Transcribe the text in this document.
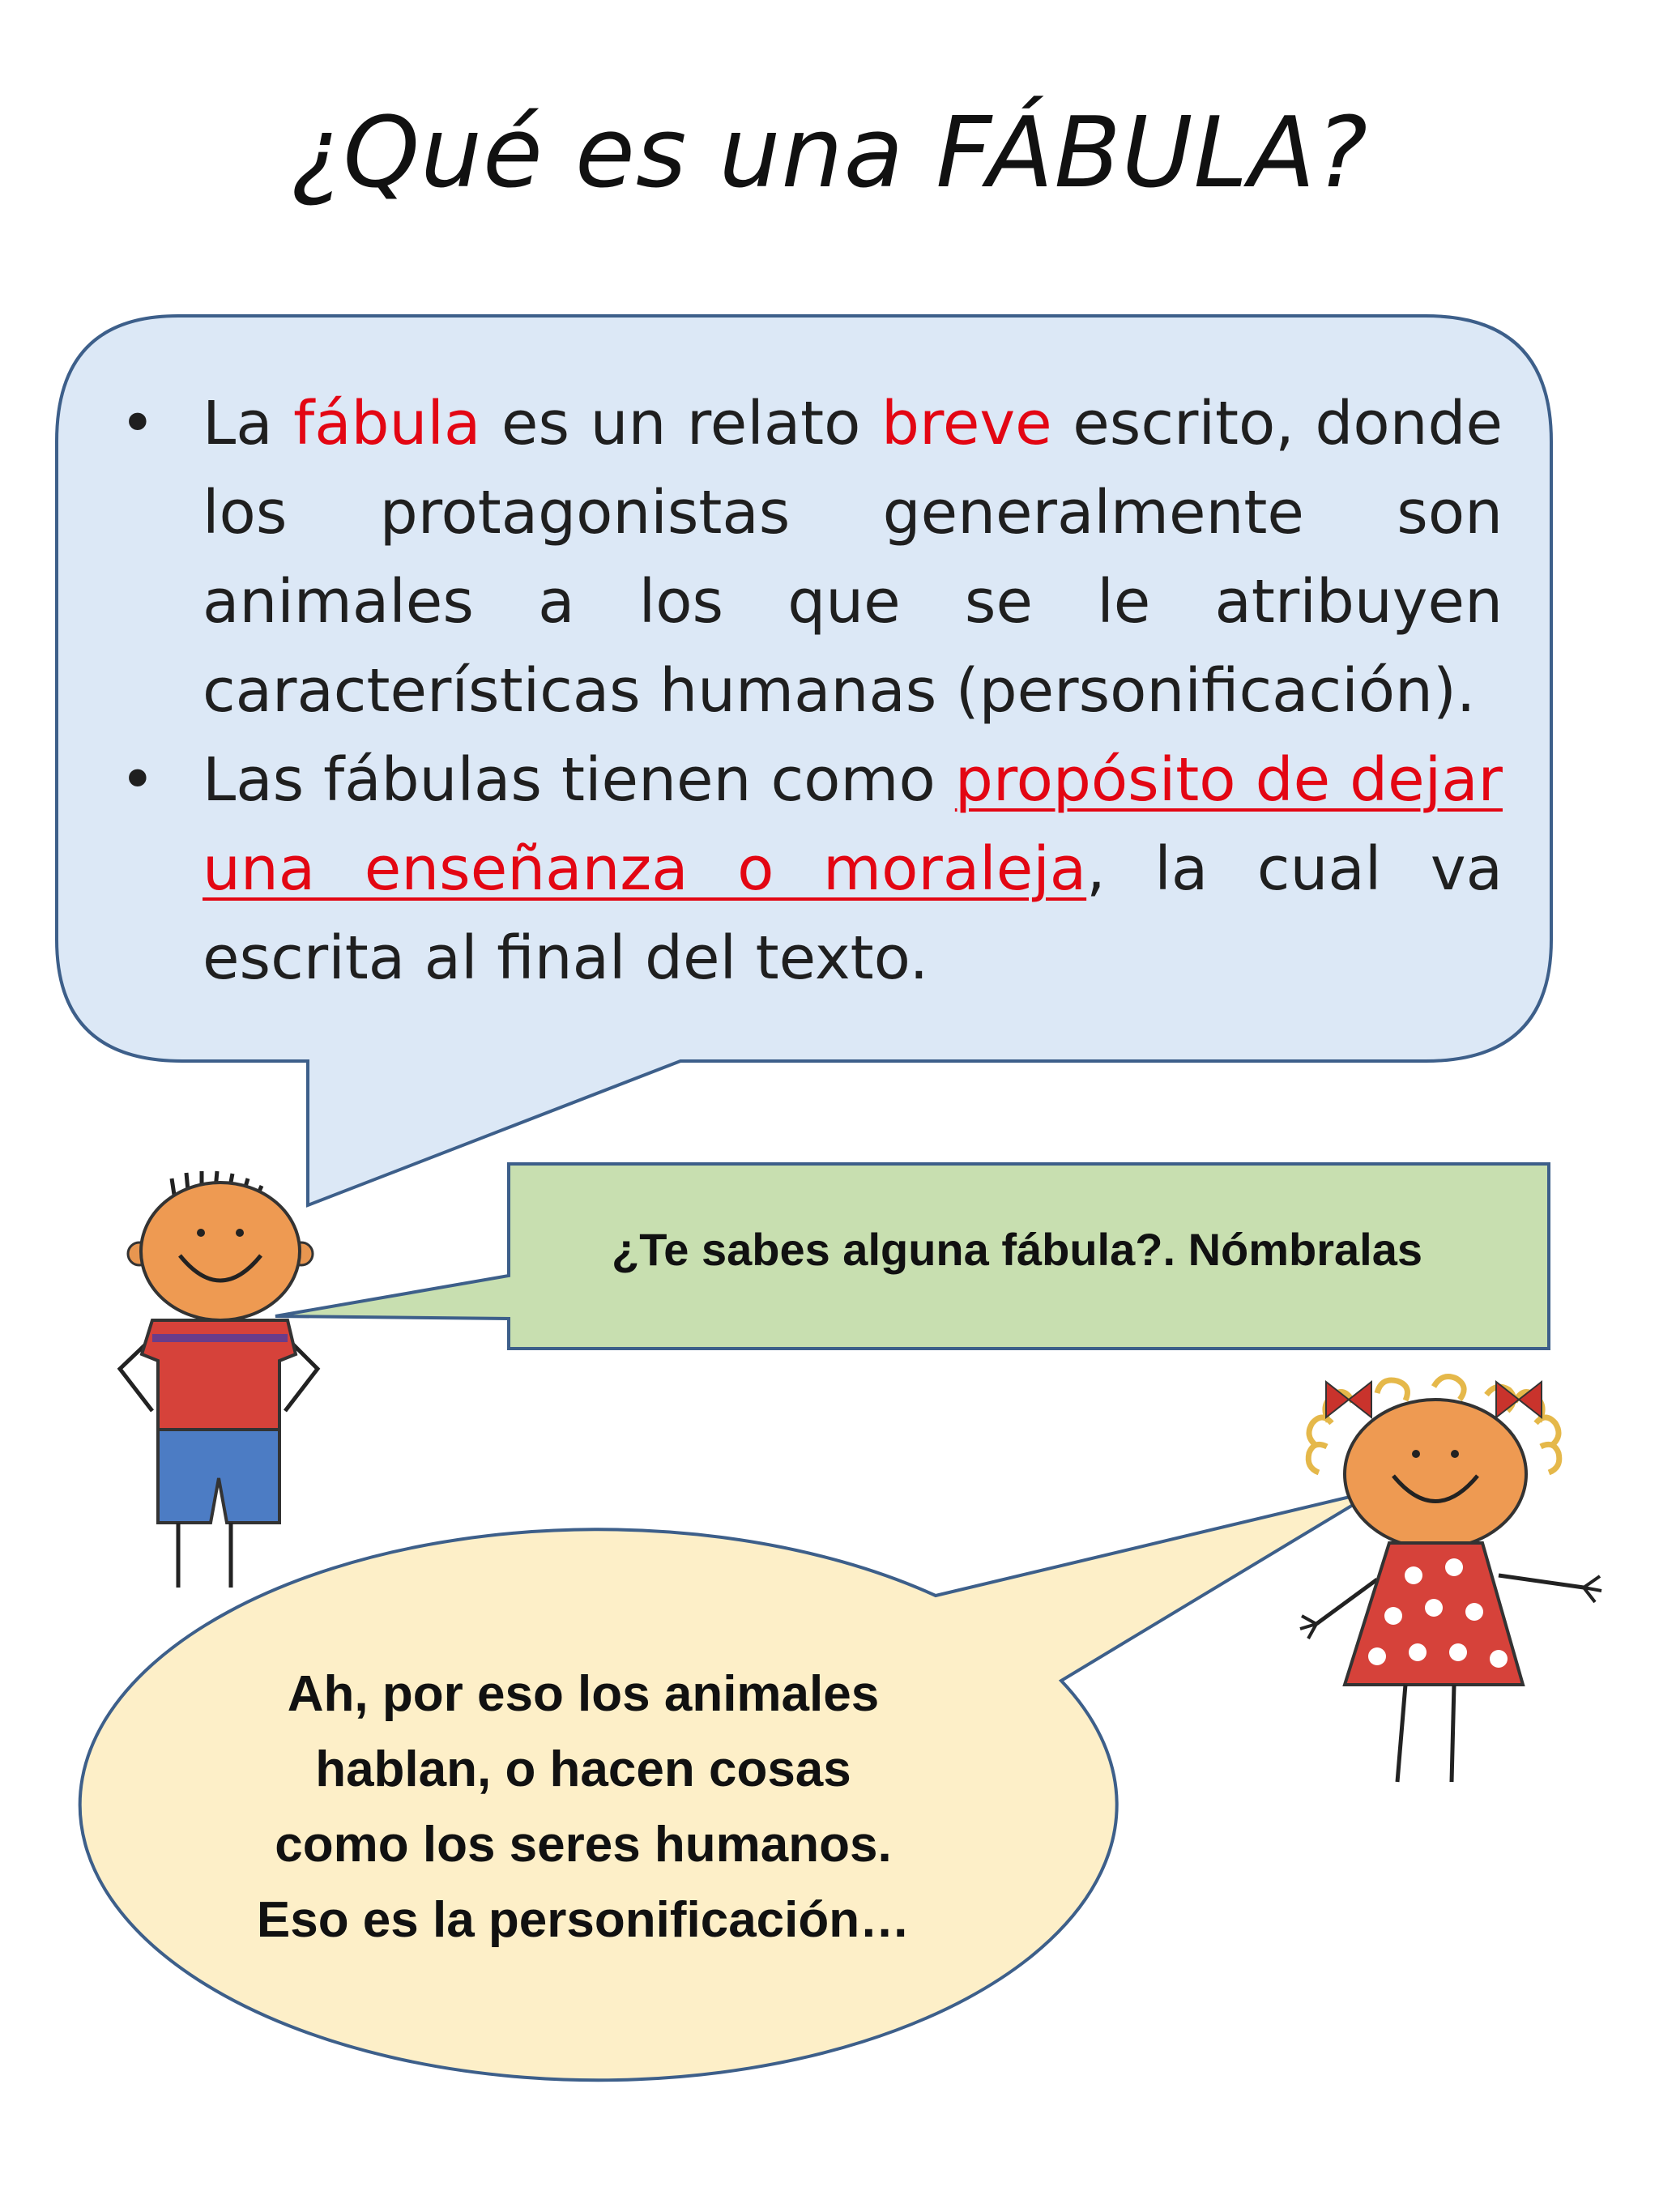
¿Qué es una FÁBULA?
• La fábula es un relato breve escrito, donde los protagonistas generalmente son animales a los que se le atribuyen características humanas (personificación).
• Las fábulas tienen como propósito de dejar una enseñanza o moraleja, la cual va escrita al final del texto.
¿Te sabes alguna fábula?. Nómbralas
Ah, por eso los animales
hablan, o hacen cosas
como los seres humanos.
Eso es la personificación…
